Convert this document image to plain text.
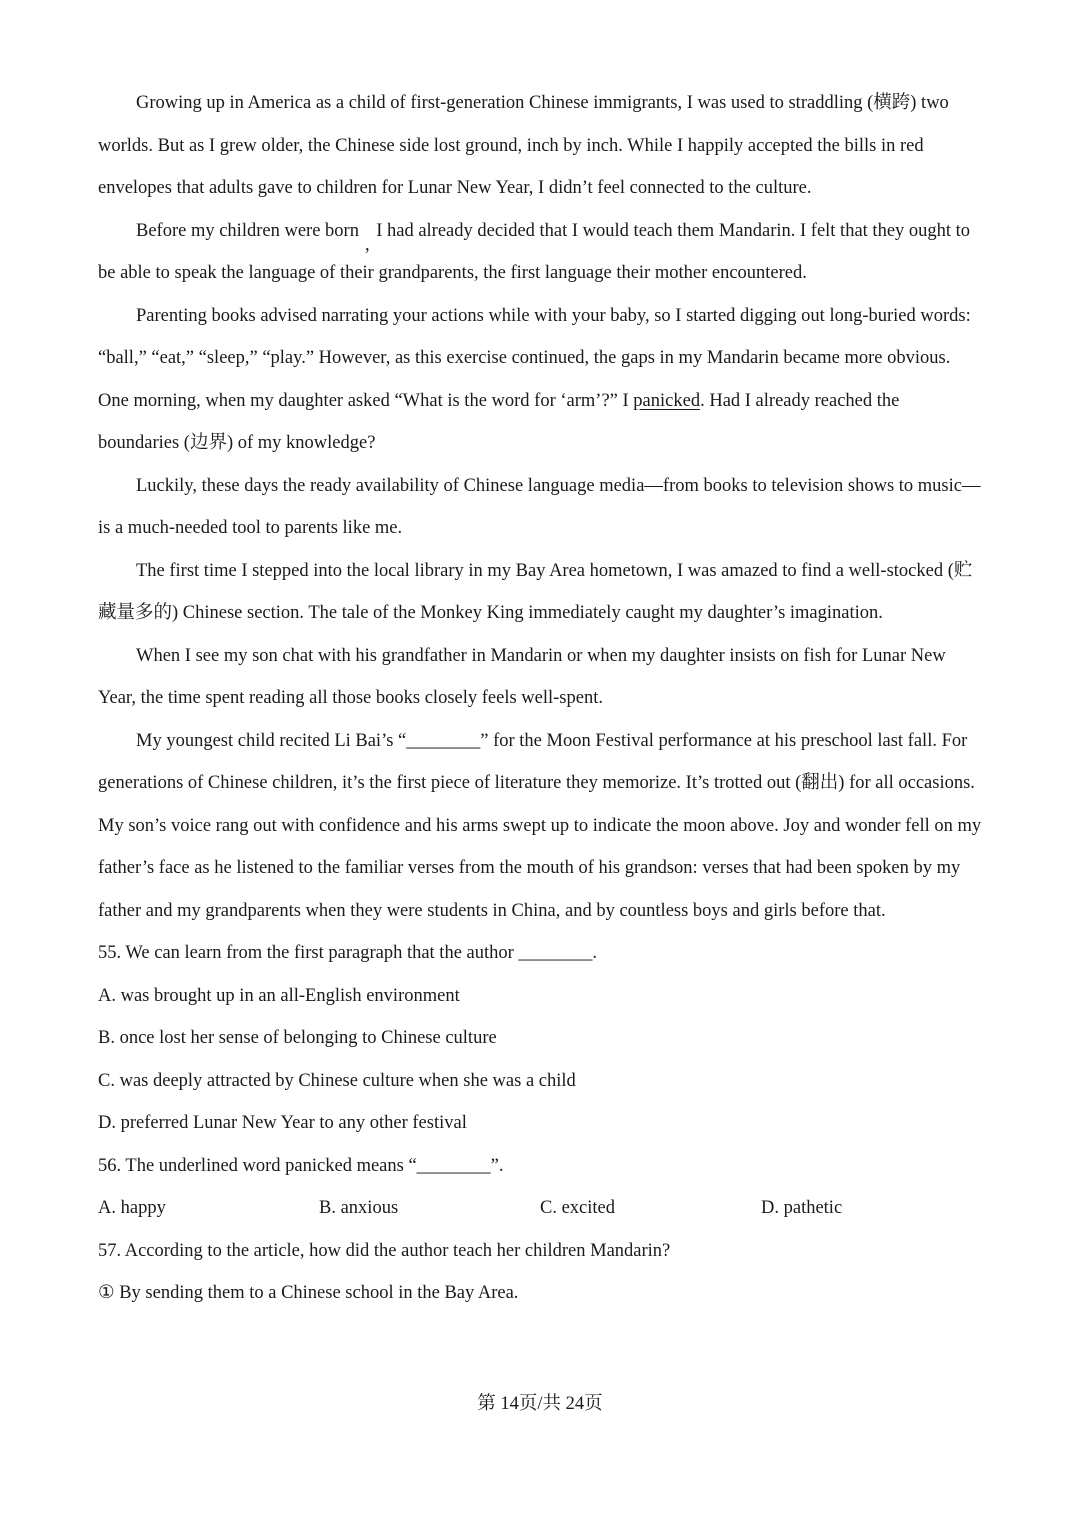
Growing up in America as a child of first-generation Chinese immigrants, I was used to straddling (横跨) two worlds. But as I grew older, the Chinese side lost ground, inch by inch. While I happily accepted the bills in red envelopes that adults gave to children for Lunar New Year, I didn’t feel connected to the culture.

Before my children were born, I had already decided that I would teach them Mandarin. I felt that they ought to be able to speak the language of their grandparents, the first language their mother encountered.

Parenting books advised narrating your actions while with your baby, so I started digging out long-buried words: “ball,” “eat,” “sleep,” “play.” However, as this exercise continued, the gaps in my Mandarin became more obvious. One morning, when my daughter asked “What is the word for ‘arm’?” I panicked. Had I already reached the boundaries (边界) of my knowledge?

Luckily, these days the ready availability of Chinese language media—from books to television shows to music—is a much-needed tool to parents like me.

The first time I stepped into the local library in my Bay Area hometown, I was amazed to find a well-stocked (贮藏量多的) Chinese section. The tale of the Monkey King immediately caught my daughter’s imagination.

When I see my son chat with his grandfather in Mandarin or when my daughter insists on fish for Lunar New Year, the time spent reading all those books closely feels well-spent.

My youngest child recited Li Bai’s “________” for the Moon Festival performance at his preschool last fall. For generations of Chinese children, it’s the first piece of literature they memorize. It’s trotted out (翻出) for all occasions. My son’s voice rang out with confidence and his arms swept up to indicate the moon above. Joy and wonder fell on my father’s face as he listened to the familiar verses from the mouth of his grandson: verses that had been spoken by my father and my grandparents when they were students in China, and by countless boys and girls before that.

55. We can learn from the first paragraph that the author ________.

A. was brought up in an all-English environment

B. once lost her sense of belonging to Chinese culture

C. was deeply attracted by Chinese culture when she was a child

D. preferred Lunar New Year to any other festival

56. The underlined word panicked means “________”.

A. happy	B. anxious	C. excited	D. pathetic

57. According to the article, how did the author teach her children Mandarin?

① By sending them to a Chinese school in the Bay Area.

第 14页/共 24页
